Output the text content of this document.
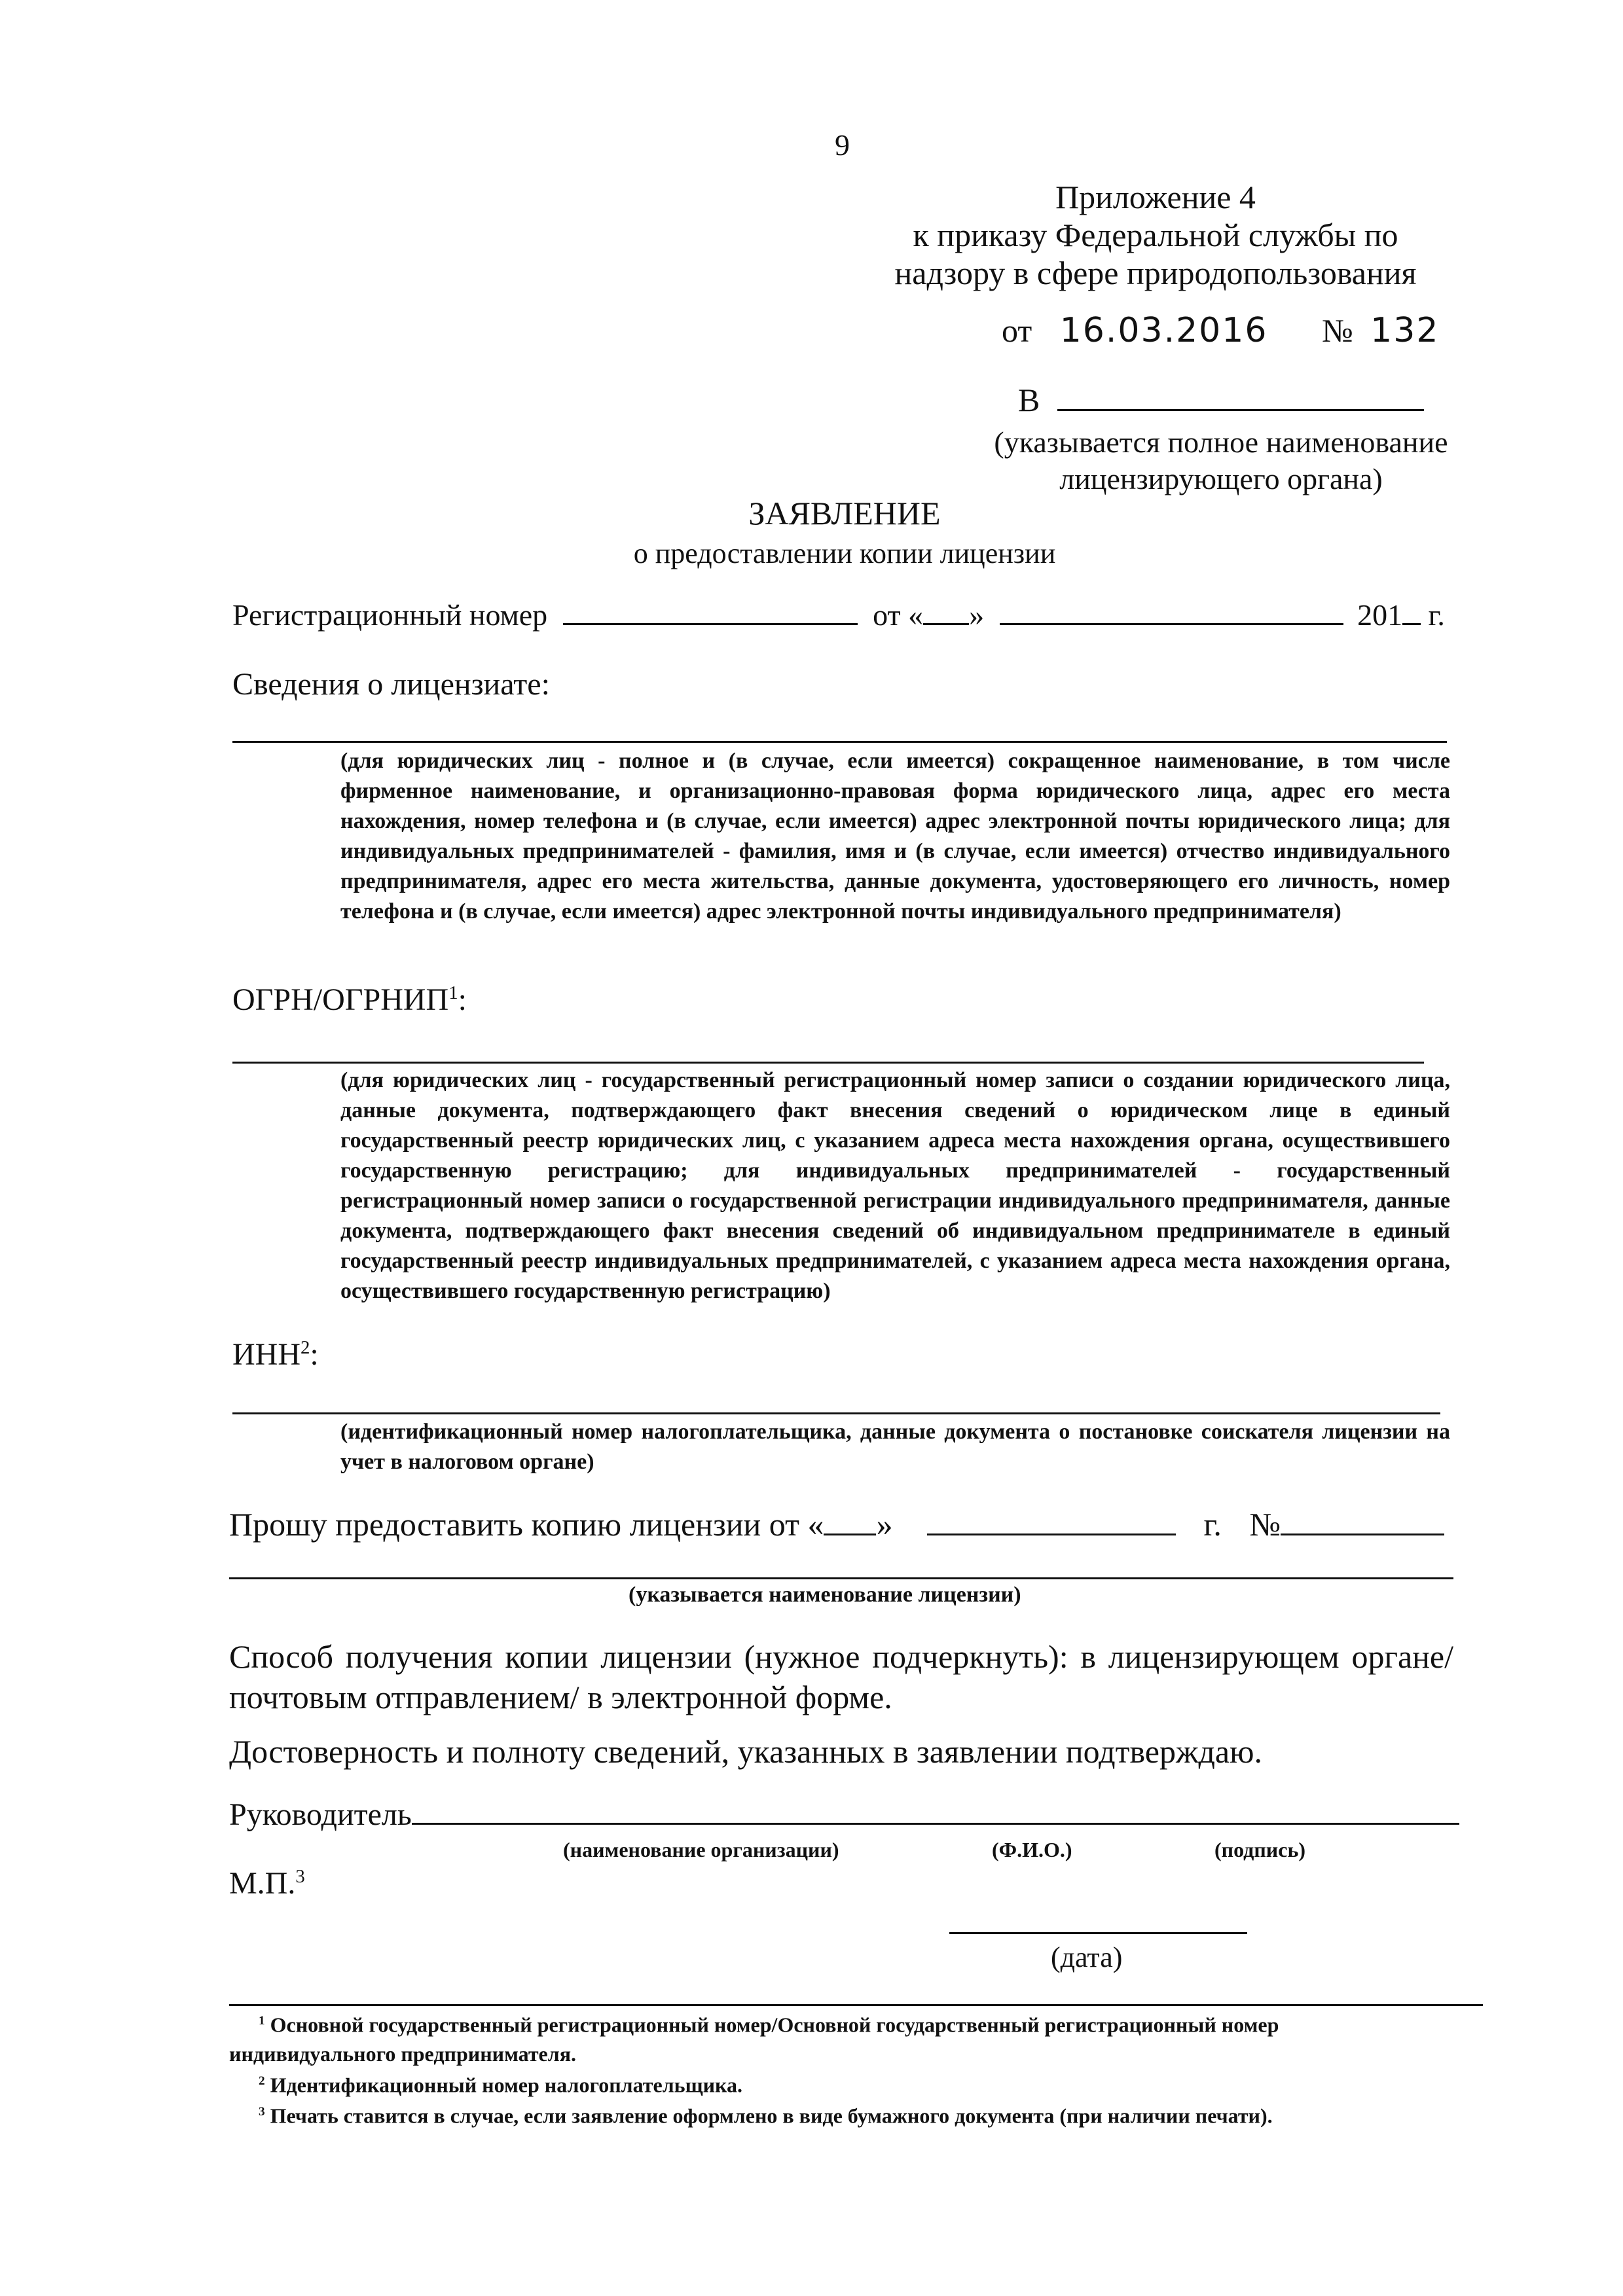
9
Приложение 4
к приказу Федеральной службы по
надзору в сфере природопользования
от 16.03.2016 № 132
В
(указывается полное наименование
лицензирующего органа)
ЗАЯВЛЕНИЕ
о предоставлении копии лицензии
Регистрационный номер	от « »	201 г.
Сведения о лицензиате:
(для юридических лиц - полное и (в случае, если имеется) сокращенное наименование, в том числе фирменное наименование, и организационно-правовая форма юридического лица, адрес его места нахождения, номер телефона и (в случае, если имеется) адрес электронной почты юридического лица; для индивидуальных предпринимателей - фамилия, имя и (в случае, если имеется) отчество индивидуального предпринимателя, адрес его места жительства, данные документа, удостоверяющего его личность, номер телефона и (в случае, если имеется) адрес электронной почты индивидуального предпринимателя)
ОГРН/ОГРНИП$^1$:
(для юридических лиц - государственный регистрационный номер записи о создании юридического лица, данные документа, подтверждающего факт внесения сведений о юридическом лице в единый государственный реестр юридических лиц, с указанием адреса места нахождения органа, осуществившего государственную регистрацию; для индивидуальных предпринимателей - государственный регистрационный номер записи о государственной регистрации индивидуального предпринимателя, данные документа, подтверждающего факт внесения сведений об индивидуальном предпринимателе в единый государственный реестр индивидуальных предпринимателей, с указанием адреса места нахождения органа, осуществившего государственную регистрацию)
ИНН$^2$:
(идентификационный номер налогоплательщика, данные документа о постановке соискателя лицензии на учет в налоговом органе)
Прошу предоставить копию лицензии от « »	г. №
(указывается наименование лицензии)
Способ получения копии лицензии (нужное подчеркнуть): в лицензирующем органе/ почтовым отправлением/ в электронной форме.
Достоверность и полноту сведений, указанных в заявлении подтверждаю.
Руководитель
(наименование организации)	(Ф.И.О.)	(подпись)
М.П.$^3$
(дата)
$^1$ Основной государственный регистрационный номер/Основной государственный регистрационный номер индивидуального предпринимателя.
$^2$ Идентификационный номер налогоплательщика.
$^3$ Печать ставится в случае, если заявление оформлено в виде бумажного документа (при наличии печати).
